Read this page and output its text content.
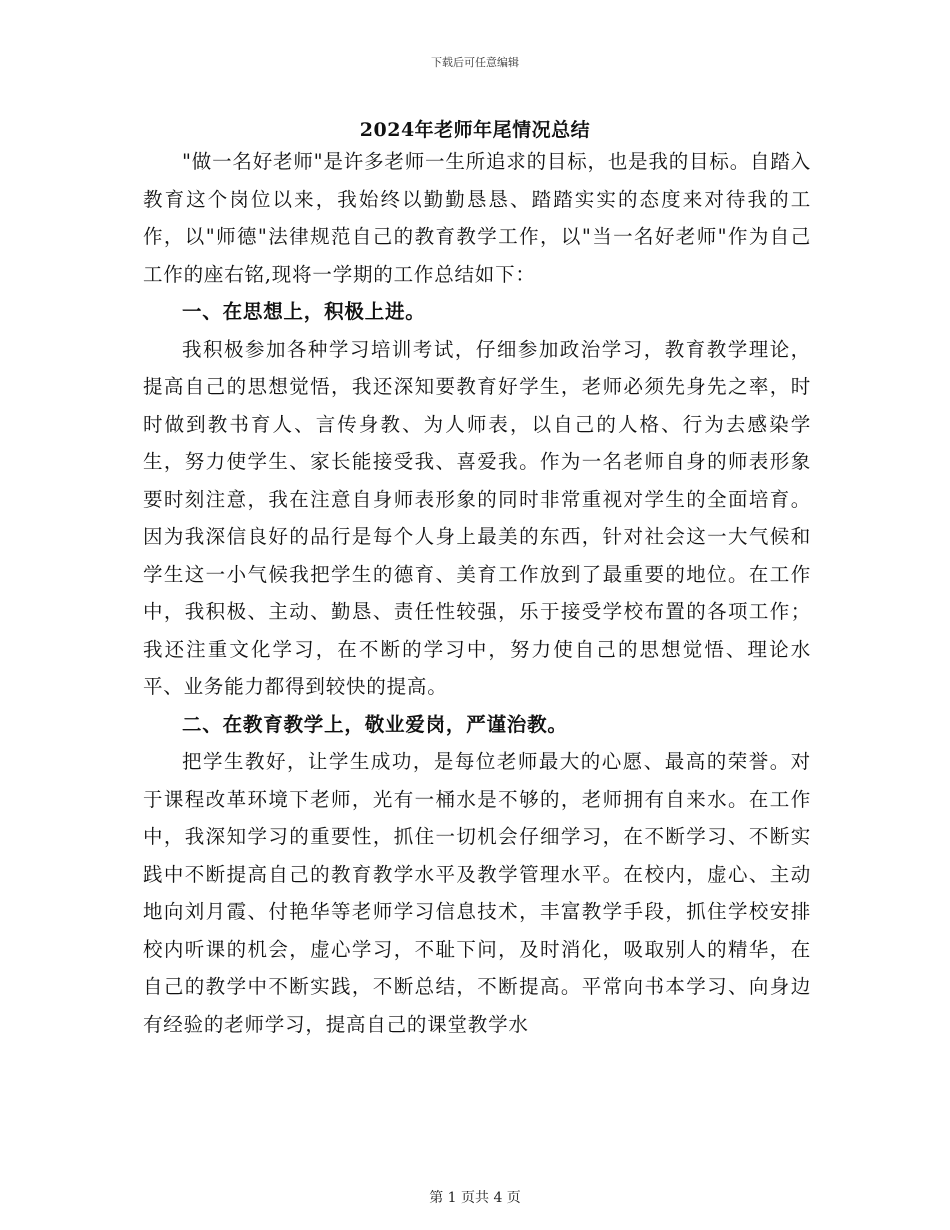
下载后可任意编辑
2024年老师年尾情况总结

"做一名好老师"是许多老师一生所追求的目标，也是我的目标。自踏入教育这个岗位以来，我始终以勤勤恳恳、踏踏实实的态度来对待我的工作，以"师德"法律规范自己的教育教学工作，以"当一名好老师"作为自己工作的座右铭,现将一学期的工作总结如下：

一、在思想上，积极上进。

我积极参加各种学习培训考试，仔细参加政治学习，教育教学理论，提高自己的思想觉悟，我还深知要教育好学生，老师必须先身先之率，时时做到教书育人、言传身教、为人师表，以自己的人格、行为去感染学生，努力使学生、家长能接受我、喜爱我。作为一名老师自身的师表形象要时刻注意，我在注意自身师表形象的同时非常重视对学生的全面培育。因为我深信良好的品行是每个人身上最美的东西，针对社会这一大气候和学生这一小气候我把学生的德育、美育工作放到了最重要的地位。在工作中，我积极、主动、勤恳、责任性较强，乐于接受学校布置的各项工作；我还注重文化学习，在不断的学习中，努力使自己的思想觉悟、理论水平、业务能力都得到较快的提高。

二、在教育教学上，敬业爱岗，严谨治教。

把学生教好，让学生成功，是每位老师最大的心愿、最高的荣誉。对于课程改革环境下老师，光有一桶水是不够的，老师拥有自来水。在工作中，我深知学习的重要性，抓住一切机会仔细学习，在不断学习、不断实践中不断提高自己的教育教学水平及教学管理水平。在校内，虚心、主动地向刘月霞、付艳华等老师学习信息技术，丰富教学手段，抓住学校安排校内听课的机会，虚心学习，不耻下问，及时消化，吸取别人的精华，在自己的教学中不断实践，不断总结，不断提高。平常向书本学习、向身边有经验的老师学习，提高自己的课堂教学水

第 1 页共 4 页
